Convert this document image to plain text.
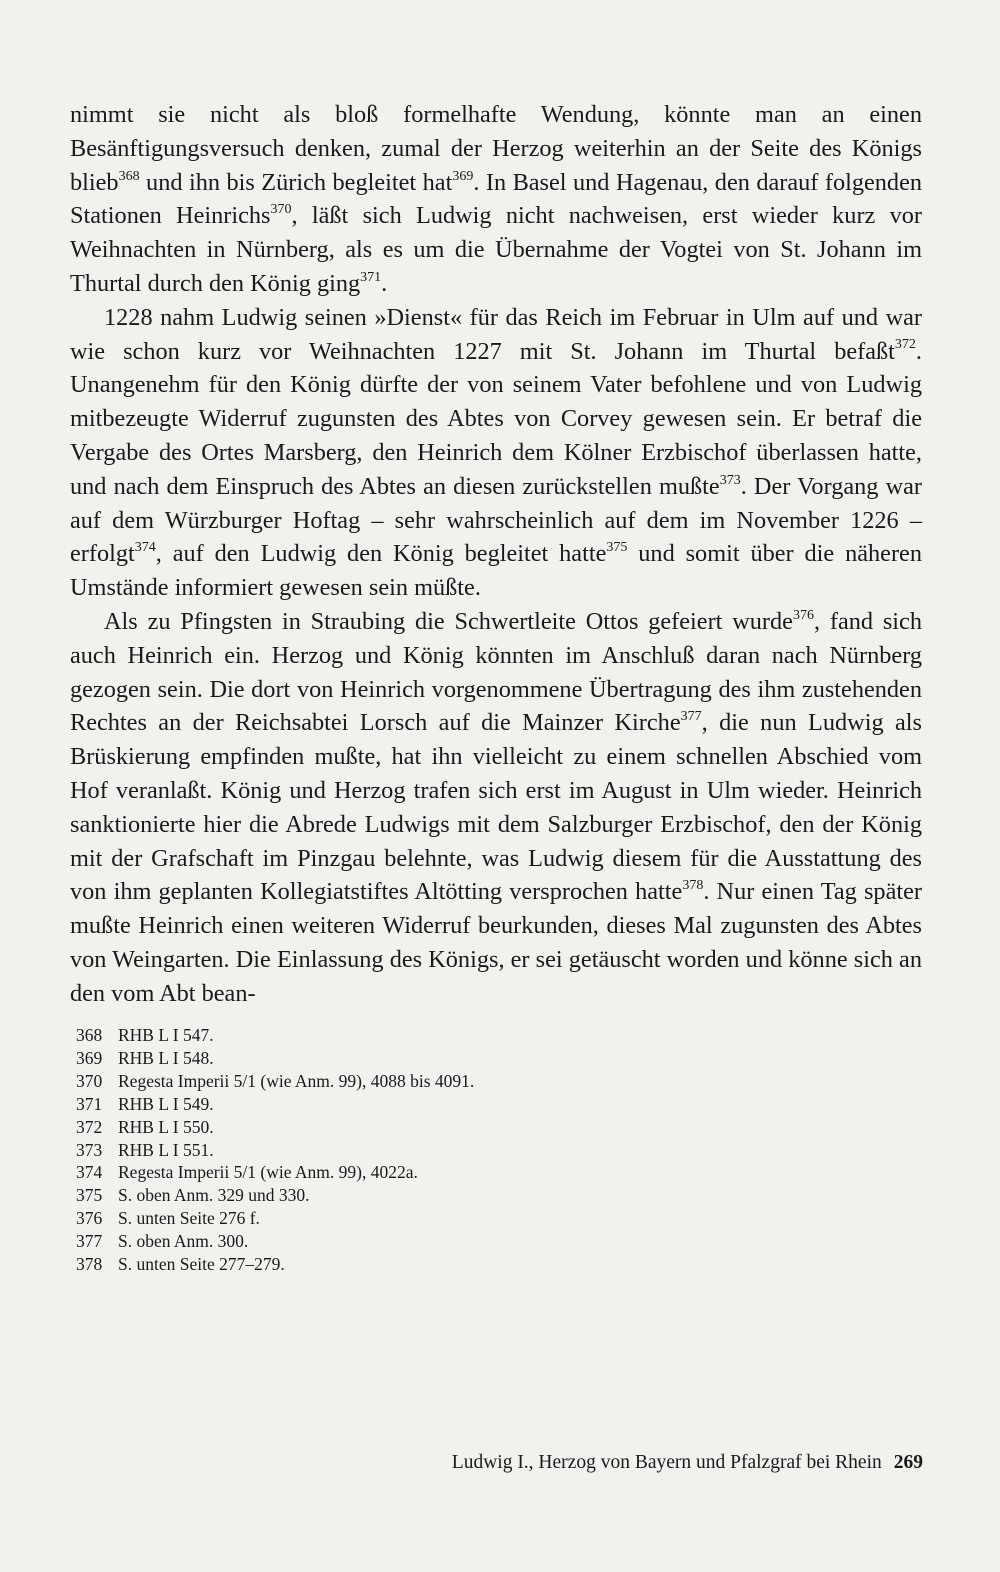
nimmt sie nicht als bloß formelhafte Wendung, könnte man an einen Besänftigungsversuch denken, zumal der Herzog weiterhin an der Seite des Königs blieb$^{368}$ und ihn bis Zürich begleitet hat$^{369}$. In Basel und Hagenau, den darauf folgenden Stationen Heinrichs$^{370}$, läßt sich Ludwig nicht nachweisen, erst wieder kurz vor Weihnachten in Nürnberg, als es um die Übernahme der Vogtei von St. Johann im Thurtal durch den König ging$^{371}$.

1228 nahm Ludwig seinen »Dienst« für das Reich im Februar in Ulm auf und war wie schon kurz vor Weihnachten 1227 mit St. Johann im Thurtal befaßt$^{372}$. Unangenehm für den König dürfte der von seinem Vater befohlene und von Ludwig mitbezeugte Widerruf zugunsten des Abtes von Corvey gewesen sein. Er betraf die Vergabe des Ortes Marsberg, den Heinrich dem Kölner Erzbischof überlassen hatte, und nach dem Einspruch des Abtes an diesen zurückstellen mußte$^{373}$. Der Vorgang war auf dem Würzburger Hoftag – sehr wahrscheinlich auf dem im November 1226 – erfolgt$^{374}$, auf den Ludwig den König begleitet hatte$^{375}$ und somit über die näheren Umstände informiert gewesen sein müßte.

Als zu Pfingsten in Straubing die Schwertleite Ottos gefeiert wurde$^{376}$, fand sich auch Heinrich ein. Herzog und König könnten im Anschluß daran nach Nürnberg gezogen sein. Die dort von Heinrich vorgenommene Übertragung des ihm zustehenden Rechtes an der Reichsabtei Lorsch auf die Mainzer Kirche$^{377}$, die nun Ludwig als Brüskierung empfinden mußte, hat ihn vielleicht zu einem schnellen Abschied vom Hof veranlaßt. König und Herzog trafen sich erst im August in Ulm wieder. Heinrich sanktionierte hier die Abrede Ludwigs mit dem Salzburger Erzbischof, den der König mit der Grafschaft im Pinzgau belehnte, was Ludwig diesem für die Ausstattung des von ihm geplanten Kollegiatstiftes Altötting versprochen hatte$^{378}$. Nur einen Tag später mußte Heinrich einen weiteren Widerruf beurkunden, dieses Mal zugunsten des Abtes von Weingarten. Die Einlassung des Königs, er sei getäuscht worden und könne sich an den vom Abt bean-

368 RHB L I 547.
369 RHB L I 548.
370 Regesta Imperii 5/1 (wie Anm. 99), 4088 bis 4091.
371 RHB L I 549.
372 RHB L I 550.
373 RHB L I 551.
374 Regesta Imperii 5/1 (wie Anm. 99), 4022a.
375 S. oben Anm. 329 und 330.
376 S. unten Seite 276 f.
377 S. oben Anm. 300.
378 S. unten Seite 277–279.
Ludwig I., Herzog von Bayern und Pfalzgraf bei Rhein 269
